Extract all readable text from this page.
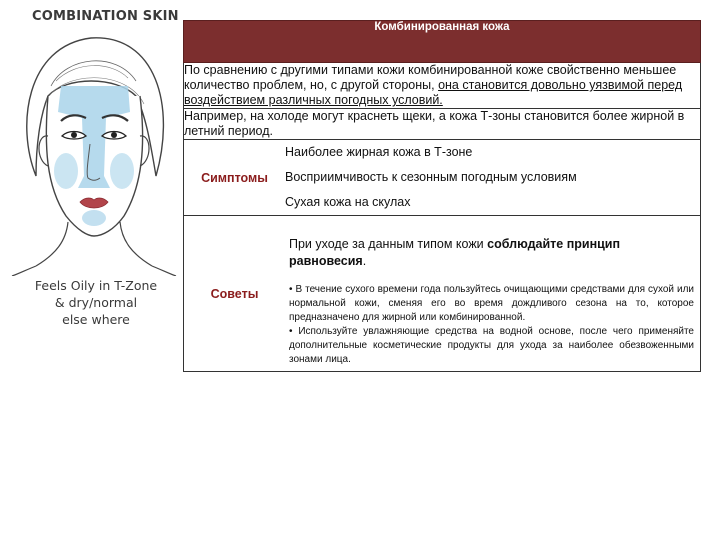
COMBINATION SKIN
Feels Oily in T-Zone
& dry/normal
else where
Комбинированная кожа	
По сравнению с другими типами кожи комбинированной коже свойственно меньшее количество проблем, но, с другой стороны, она становится довольно уязвимой перед воздействием различных погодных условий.	
Например, на холоде могут краснеть щеки, а кожа Т-зоны становится более жирной в летний период.	
Симптомы	Наиболее жирная кожа в Т-зоне
	Восприимчивость к сезонным погодным условиям
	Сухая кожа на скулах
Советы	При уходе за данным типом кожи соблюдайте принцип равновесия.
• В течение сухого времени года пользуйтесь очищающими средствами для сухой или нормальной кожи, сменяя его во время дождливого сезона на то, которое предназначено для жирной или комбинированной.
• Используйте увлажняющие средства на водной основе, после чего применяйте дополнительные косметические продукты для ухода за наиболее обезвоженными зонами лица.
